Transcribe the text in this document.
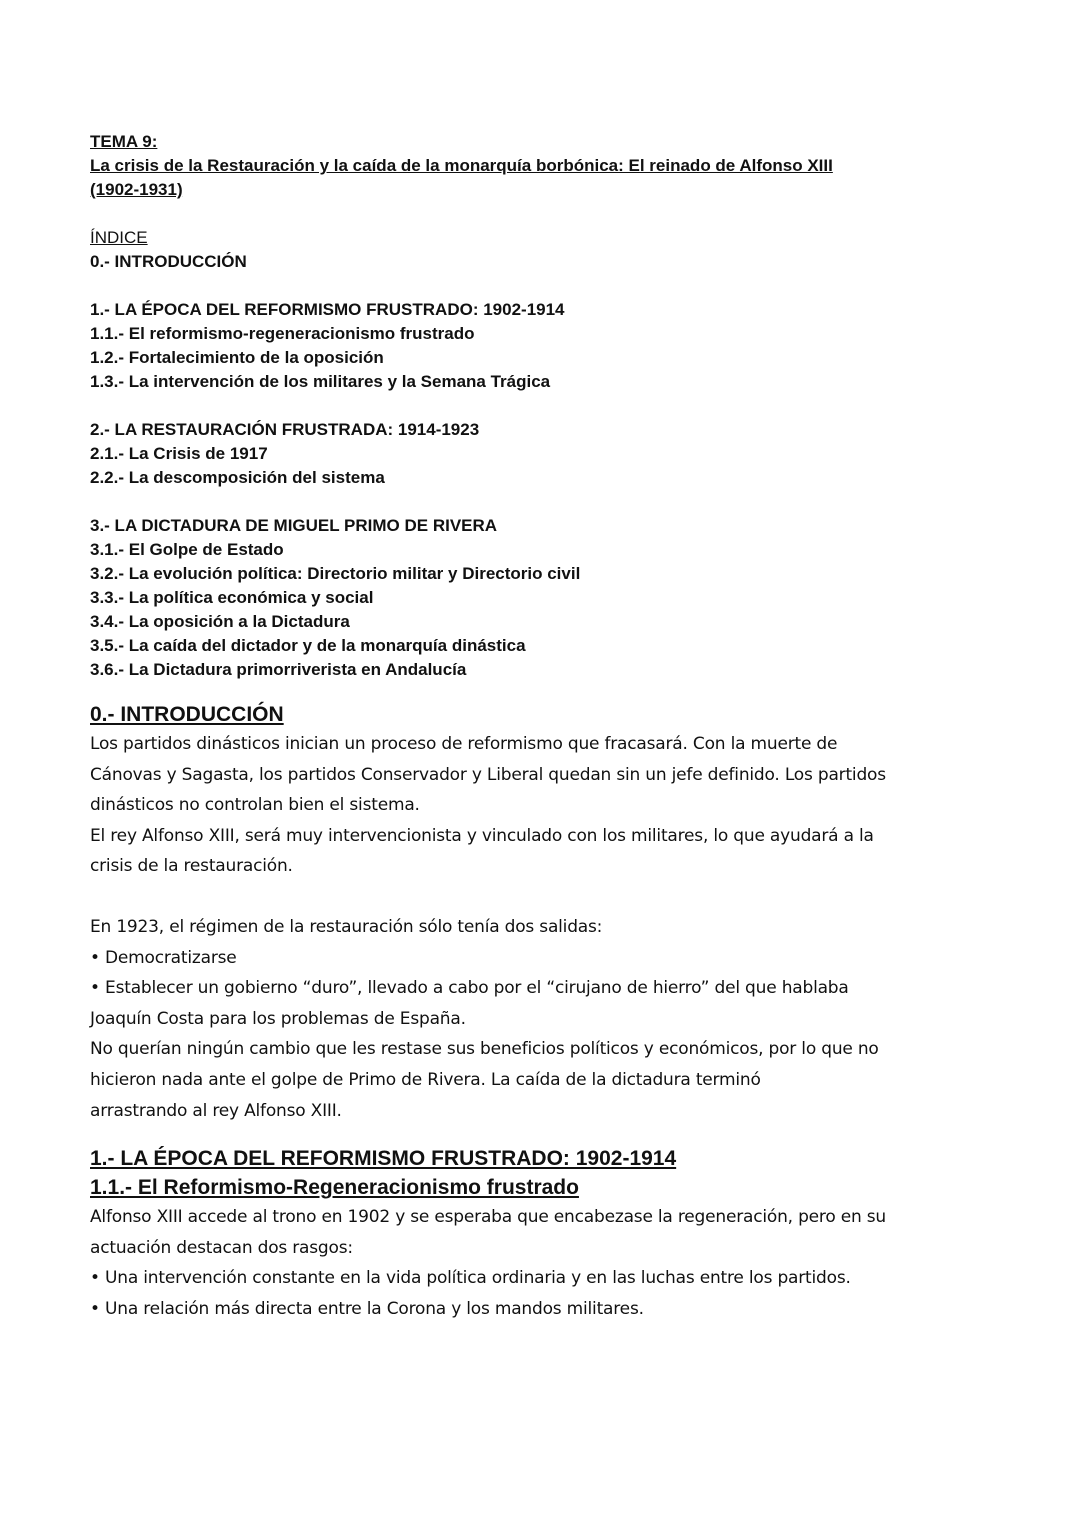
TEMA 9:
La crisis de la Restauración y la caída de la monarquía borbónica: El reinado de Alfonso XIII
(1902-1931)
ÍNDICE
0.- INTRODUCCIÓN
1.- LA ÉPOCA DEL REFORMISMO FRUSTRADO: 1902-1914
1.1.- El reformismo-regeneracionismo frustrado
1.2.- Fortalecimiento de la oposición
1.3.- La intervención de los militares y la Semana Trágica
2.- LA RESTAURACIÓN FRUSTRADA: 1914-1923
2.1.- La Crisis de 1917
2.2.- La descomposición del sistema
3.- LA DICTADURA DE MIGUEL PRIMO DE RIVERA
3.1.- El Golpe de Estado
3.2.- La evolución política: Directorio militar y Directorio civil
3.3.- La política económica y social
3.4.- La oposición a la Dictadura
3.5.- La caída del dictador y de la monarquía dinástica
3.6.- La Dictadura primorriverista en Andalucía
0.- INTRODUCCIÓN

Los partidos dinásticos inician un proceso de reformismo que fracasará. Con la muerte de

Cánovas y Sagasta, los partidos Conservador y Liberal quedan sin un jefe definido. Los partidos

dinásticos no controlan bien el sistema.

El rey Alfonso XIII, será muy intervencionista y vinculado con los militares, lo que ayudará a la

crisis de la restauración.

En 1923, el régimen de la restauración sólo tenía dos salidas:

• Democratizarse

• Establecer un gobierno “duro”, llevado a cabo por el “cirujano de hierro” del que hablaba

Joaquín Costa para los problemas de España.

No querían ningún cambio que les restase sus beneficios políticos y económicos, por lo que no

hicieron nada ante el golpe de Primo de Rivera. La caída de la dictadura terminó

arrastrando al rey Alfonso XIII.

1.- LA ÉPOCA DEL REFORMISMO FRUSTRADO: 1902-1914
1.1.- El Reformismo-Regeneracionismo frustrado

Alfonso XIII accede al trono en 1902 y se esperaba que encabezase la regeneración, pero en su

actuación destacan dos rasgos:

• Una intervención constante en la vida política ordinaria y en las luchas entre los partidos.

• Una relación más directa entre la Corona y los mandos militares.
